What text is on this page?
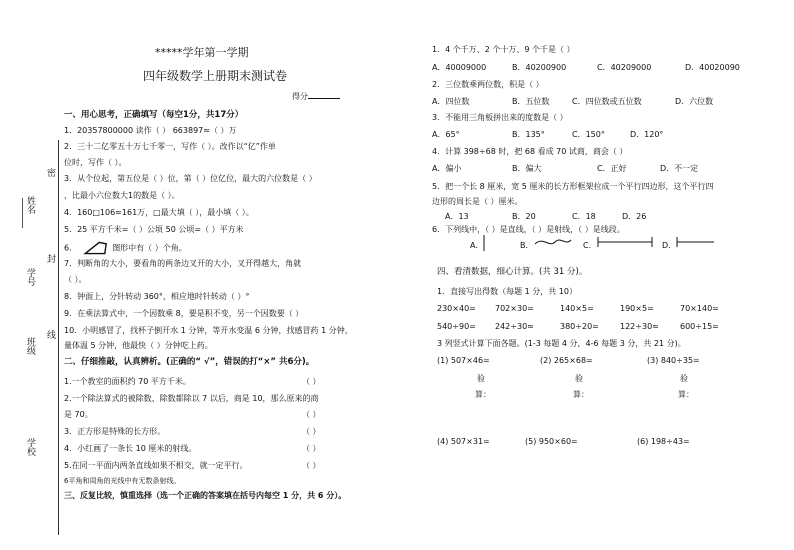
密
封
线
姓名
学号
班级
学校
*****学年第一学期
四年级数学上册期末测试卷
得分
一、用心思考，正确填写（每空1分，共17分）
1．20357800000 读作（ ） 663897≈（ ）万
2．三十二亿零五十万七千零一，写作（ ）。改作以“亿”作单
位时，写作（ ）。
3．从个位起，第五位是（ ）位，第（ ）位亿位，最大的六位数是（ ）
，比最小六位数大1的数是（ ）。
4．160□106≈161万，□最大填（ ），最小填（ ）。
5．25 平方千米=（ ）公顷 50 公顷=（ ）平方米
6．	图形中有（ ）个角。
7．判断角的大小，要看角的两条边叉开的大小，叉开得越大，角就
（ ）。
8．钟面上，分针转动 360°，相应地时针转动（ ）°
9．在乘法算式中，一个因数乘 8，要是积不变，另一个因数要（ ）
10．小明感冒了，找杯子倒开水 1 分钟，等开水变温 6 分钟，找感冒药 1 分钟，
量体温 5 分钟，他最快（ ）分钟吃上药。
二、仔细推敲，认真辨析。(正确的“ √”，错误的打“×” 共6分)。
1.一个教室的面积约 70 平方千米。	（ ）
2.一个除法算式的被除数、除数都除以 7 以后，商是 10，那么原来的商
是 70。	（ ）
3．正方形是特殊的长方形。	（ ）
4．小红画了一条长 10 厘米的射线。	（ ）
5.在同一平面内两条直线如果不相交，就一定平行。	（ ）
6平角和周角的光线中有无数条射线。
三、反复比较，慎重选择（选一个正确的答案填在括号内每空 1 分，共 6 分）。
1．4 个千万、2 个十万、9 个千是（ ）
A．40009000	B．40200900	C．40209000	D．40020090
2．三位数乘两位数，积是（ ）
A．四位数	B．五位数	C．四位数或五位数	D．六位数
3．不能用三角板拼出来的度数是（ ）
A．65°	B．135°	C．150°	D．120°
4．计算 398÷68 时，把 68 看成 70 试商，商会（ ）
A．偏小	B．偏大	C．正好	D．不一定
5．把一个长 8 厘米，宽 5 厘米的长方形框架拉成一个平行四边形，这个平行四
边形的周长是（ ）厘米。
A．13	B．20	C．18	D．26
6．下列线中，（ ）是直线，（ ）是射线，（ ）是线段。
A．	B．	C．	D．
四、看清数据，细心计算。(共 31 分)。
1．直接写出得数（每题 1 分，共 10）
230×40= 702×30=	140×5=	190×5=	70×140=
540÷90= 242÷30≈	380÷20=	122÷30≈	600÷15=
3 列竖式计算下面各题。(1-3 每题 4 分，4-6 每题 3 分，共 21 分)。
(1) 507×46=	(2) 265×68=	(3) 840÷35=
验
算：
验
算：
验
算：
(4) 507×31=	(5) 950×60=	(6) 198÷43=
